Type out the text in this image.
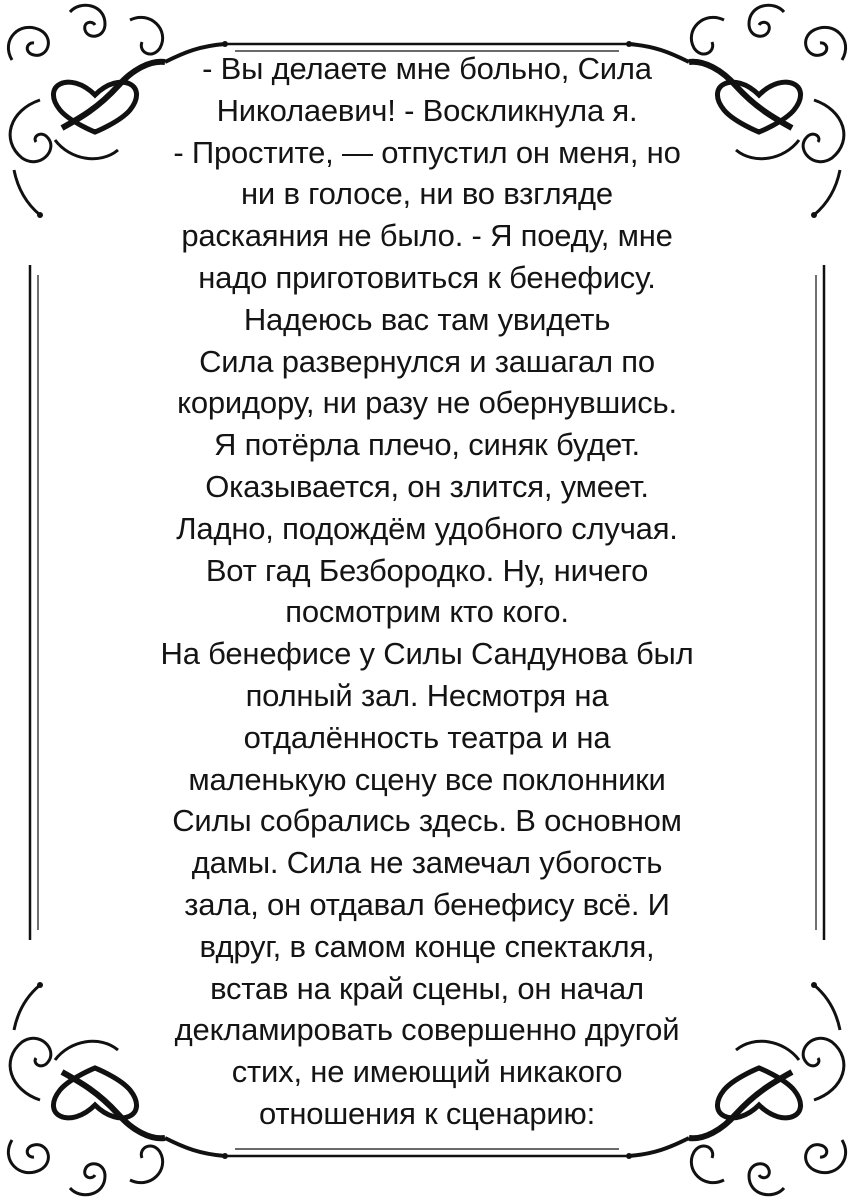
- Вы делаете мне больно, Сила
Николаевич! - Воскликнула я.
- Простите, — отпустил он меня, но
ни в голосе, ни во взгляде
раскаяния не было. - Я поеду, мне
надо приготовиться к бенефису.
Надеюсь вас там увидеть
Сила развернулся и зашагал по
коридору, ни разу не обернувшись.
Я потёрла плечо, синяк будет.
Оказывается, он злится, умеет.
Ладно, подождём удобного случая.
Вот гад Безбородко. Ну, ничего
посмотрим кто кого.
На бенефисе у Силы Сандунова был
полный зал. Несмотря на
отдалённость театра и на
маленькую сцену все поклонники
Силы собрались здесь. В основном
дамы. Сила не замечал убогость
зала, он отдавал бенефису всё. И
вдруг, в самом конце спектакля,
встав на край сцены, он начал
декламировать совершенно другой
стих, не имеющий никакого
отношения к сценарию:
